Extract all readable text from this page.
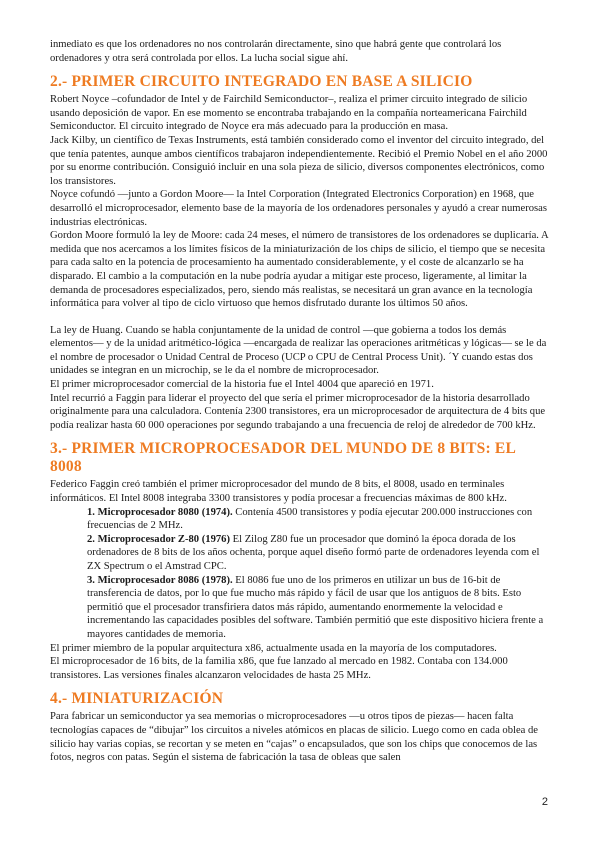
inmediato es que los ordenadores no nos controlarán directamente, sino que habrá gente que controlará los ordenadores y otra será controlada por ellos. La lucha social sigue ahí.

2.- PRIMER CIRCUITO INTEGRADO EN BASE A SILICIO

Robert Noyce –cofundador de Intel y de Fairchild Semiconductor–, realiza el primer circuito integrado de silicio usando deposición de vapor. En ese momento se encontraba trabajando en la compañía norteamericana Fairchild Semiconductor. El circuito integrado de Noyce era más adecuado para la producción en masa.

Jack Kilby, un científico de Texas Instruments, está también considerado como el inventor del circuito integrado, del que tenía patentes, aunque ambos científicos trabajaron independientemente. Recibió el Premio Nobel en el año 2000 por su enorme contribución. Consiguió incluir en una sola pieza de silicio, diversos componentes electrónicos, como los transistores.

Noyce cofundó —junto a Gordon Moore— la Intel Corporation (Integrated Electronics Corporation) en 1968, que desarrolló el microprocesador, elemento base de la mayoría de los ordenadores personales y ayudó a crear numerosas industrias electrónicas.

Gordon Moore formuló la ley de Moore: cada 24 meses, el número de transistores de los ordenadores se duplicaría. A medida que nos acercamos a los límites físicos de la miniaturización de los chips de silicio, el tiempo que se necesita para cada salto en la potencia de procesamiento ha aumentado considerablemente, y el coste de alcanzarlo se ha disparado. El cambio a la computación en la nube podría ayudar a mitigar este proceso, ligeramente, al limitar la demanda de procesadores especializados, pero, siendo más realistas, se necesitará un gran avance en la tecnología informática para volver al tipo de ciclo virtuoso que hemos disfrutado durante los últimos 50 años.

La ley de Huang. Cuando se habla conjuntamente de la unidad de control —que gobierna a todos los demás elementos— y de la unidad aritmético-lógica —encargada de realizar las operaciones aritméticas y lógicas— se le da el nombre de procesador o Unidad Central de Proceso (UCP o CPU de Central Process Unit). ´Y cuando estas dos unidades se integran en un microchip, se le da el nombre de microprocesador.

El primer microprocesador comercial de la historia fue el Intel 4004 que apareció en 1971.

Intel recurrió a Faggin para liderar el proyecto del que sería el primer microprocesador de la historia desarrollado originalmente para una calculadora. Contenía 2300 transistores, era un microprocesador de arquitectura de 4 bits que podía realizar hasta 60 000 operaciones por segundo trabajando a una frecuencia de reloj de alrededor de 700 kHz.

3.- PRIMER MICROPROCESADOR DEL MUNDO DE 8 BITS: EL 8008

Federico Faggin creó también el primer microprocesador del mundo de 8 bits, el 8008, usado en terminales informáticos. El Intel 8008 integraba 3300 transistores y podía procesar a frecuencias máximas de 800 kHz.

1. Microprocesador 8080 (1974). Contenía 4500 transistores y podía ejecutar 200.000 instrucciones con frecuencias de 2 MHz.

2. Microprocesador Z-80 (1976) El Zilog Z80 fue un procesador que dominó la época dorada de los ordenadores de 8 bits de los años ochenta, porque aquel diseño formó parte de ordenadores leyenda com el ZX Spectrum o el Amstrad CPC.

3. Microprocesador 8086 (1978). El 8086 fue uno de los primeros en utilizar un bus de 16-bit de transferencia de datos, por lo que fue mucho más rápido y fácil de usar que los antiguos de 8 bits. Esto permitió que el procesador transfiriera datos más rápido, aumentando enormemente la velocidad e incrementando las capacidades posibles del software. También permitió que este dispositivo hiciera frente a mayores cantidades de memoria.

El primer miembro de la popular arquitectura x86, actualmente usada en la mayoría de los computadores.

El microprocesador de 16 bits, de la familia x86, que fue lanzado al mercado en 1982. Contaba con 134.000 transistores. Las versiones finales alcanzaron velocidades de hasta 25 MHz.

4.- MINIATURIZACIÓN

Para fabricar un semiconductor ya sea memorias o microprocesadores —u otros tipos de piezas— hacen falta tecnologías capaces de “dibujar” los circuitos a niveles atómicos en placas de silicio. Luego como en cada oblea de silicio hay varias copias, se recortan y se meten en “cajas” o encapsulados, que son los chips que conocemos de las fotos, negros con patas. Según el sistema de fabricación la tasa de obleas que salen

2
